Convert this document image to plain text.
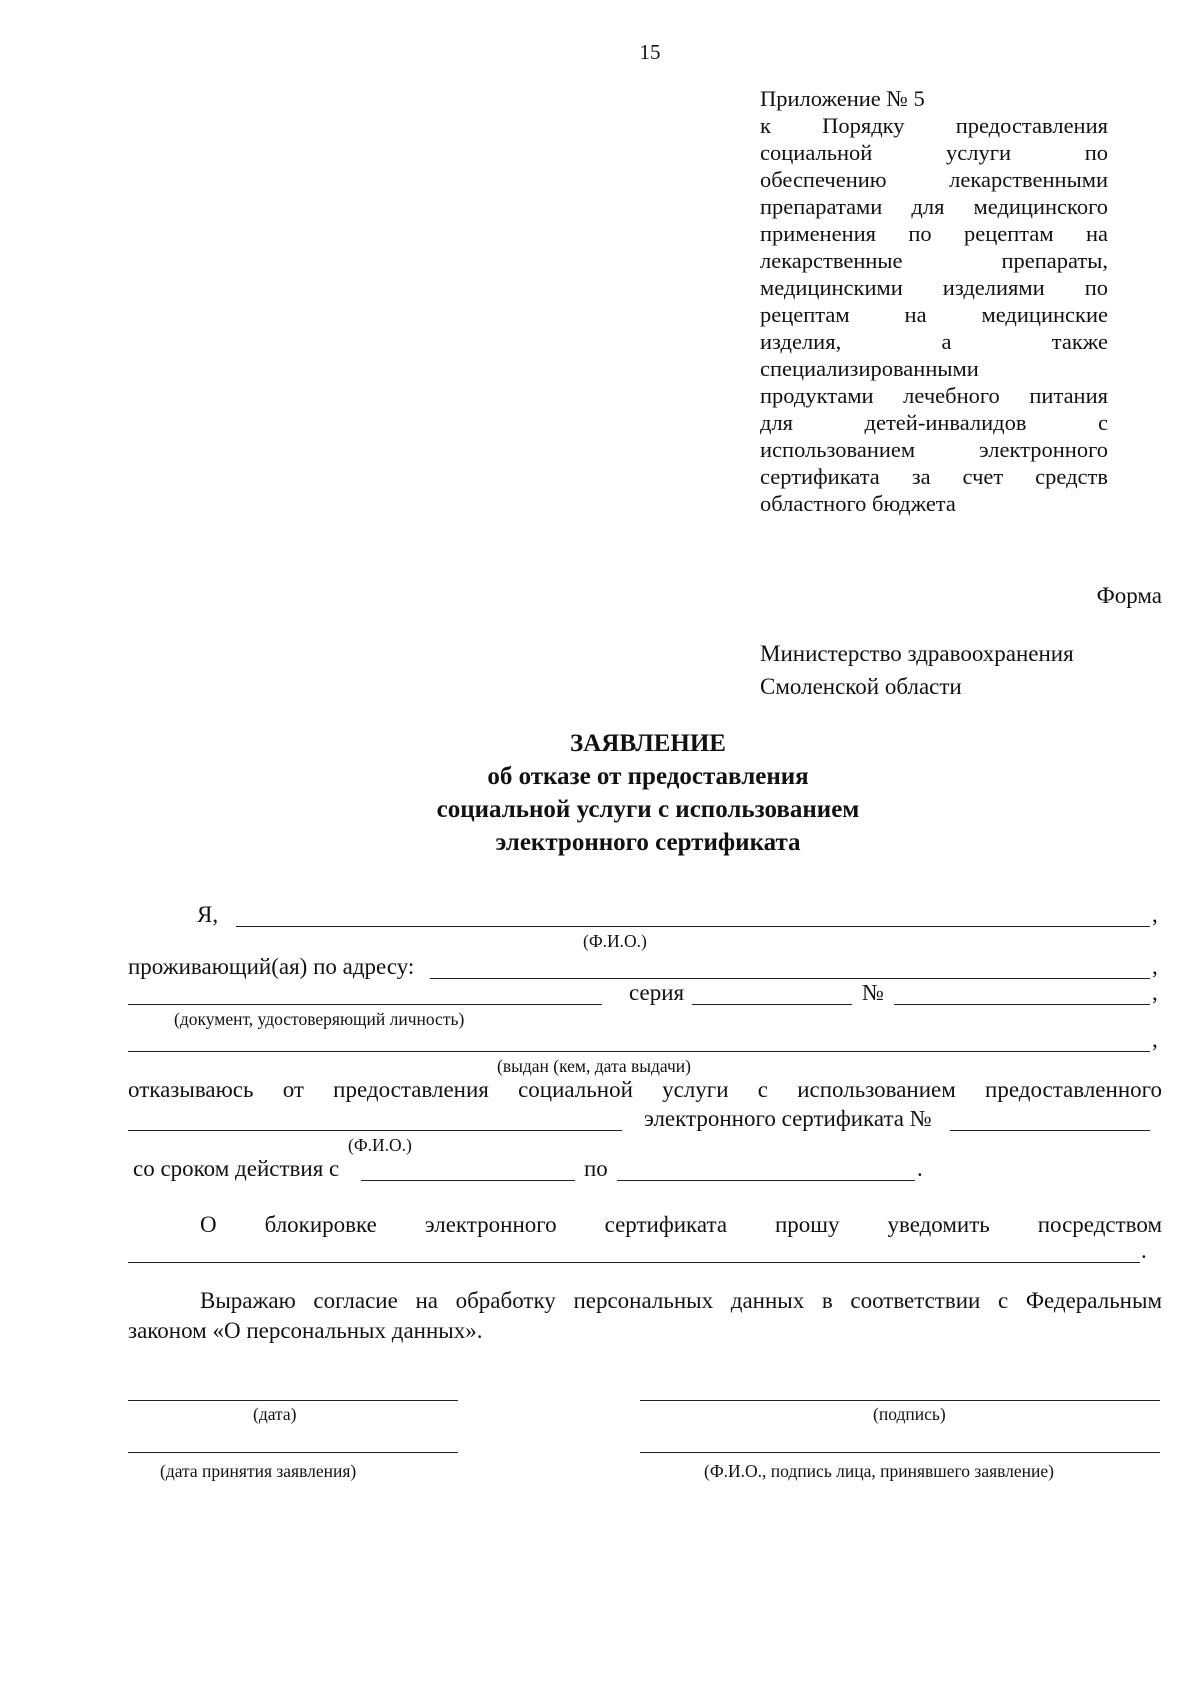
15
Приложение № 5
к Порядку предоставления
социальной услуги по
обеспечению лекарственными
препаратами для медицинского
применения по рецептам на
лекарственные препараты,
медицинскими изделиями по
рецептам на медицинские
изделия, а также
специализированными
продуктами лечебного питания
для детей-инвалидов с
использованием электронного
сертификата за счет средств
областного бюджета
Форма
Министерство здравоохранения
Смоленской области
ЗАЯВЛЕНИЕ
об отказе от предоставления
социальной услуги с использованием
электронного сертификата
Я,	,
(Ф.И.О.)
проживающий(ая) по адресу:	,
серия	№	,
(документ, удостоверяющий личность)
,
(выдан (кем, дата выдачи)
отказываюсь от предоставления социальной услуги с использованием предоставленного
электронного сертификата №
(Ф.И.О.)
со сроком действия с	по	.
О блокировке электронного сертификата прошу уведомить посредством
.
Выражаю согласие на обработку персональных данных в соответствии с Федеральным
законом «О персональных данных».
(дата)	(подпись)
(дата принятия заявления)	(Ф.И.О., подпись лица, принявшего заявление)
